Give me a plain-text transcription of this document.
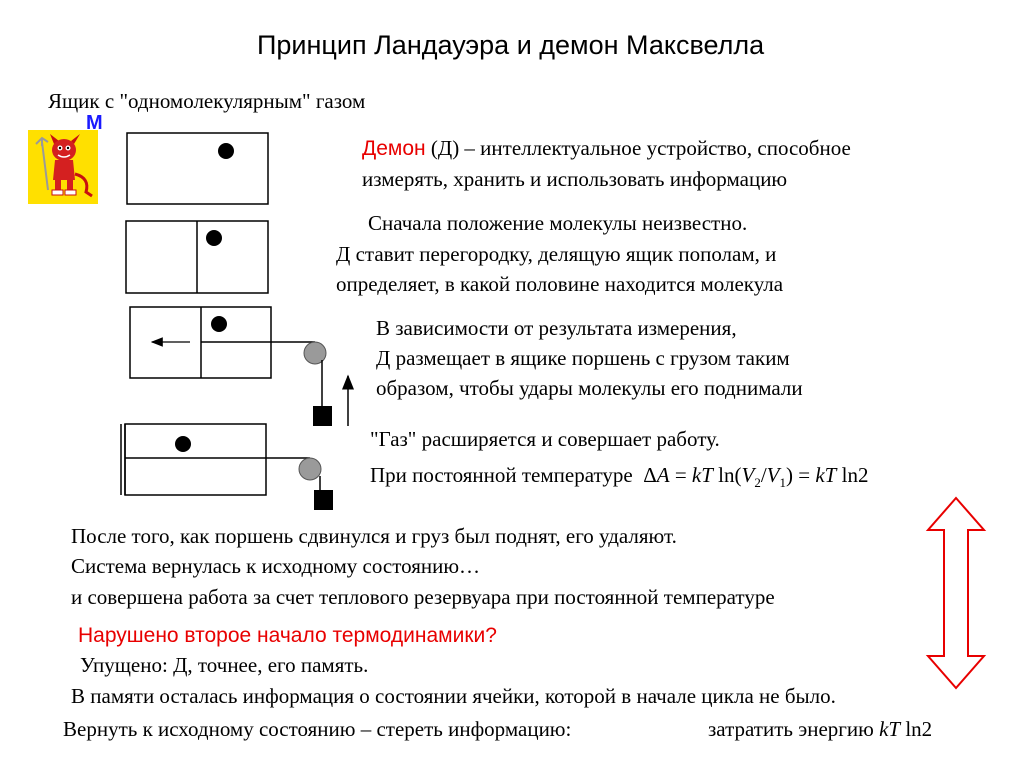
Принцип Ландауэра и демон Максвелла
Ящик с "одномолекулярным" газом
M
Демон (Д) – интеллектуальное устройство, способное
измерять, хранить и использовать информацию
Сначала положение молекулы неизвестно.
Д ставит перегородку, делящую ящик пополам, и
определяет, в какой половине находится молекула
В зависимости от результата измерения,
Д размещает в ящике поршень с грузом таким
образом, чтобы удары молекулы его поднимали
"Газ" расширяется и совершает работу.
При постоянной температуре ΔA = kT $\ln(V_2/V_1)$ = kT ln2
После того, как поршень сдвинулся и груз был поднят, его удаляют.
Система вернулась к исходному состоянию…
и совершена работа за счет теплового резервуара при постоянной температуре
Нарушено второе начало термодинамики?
Упущено: Д, точнее, его память.
В памяти осталась информация о состоянии ячейки, которой в начале цикла не было.
Вернуть к исходному состоянию – стереть информацию:	затратить энергию kT ln2
